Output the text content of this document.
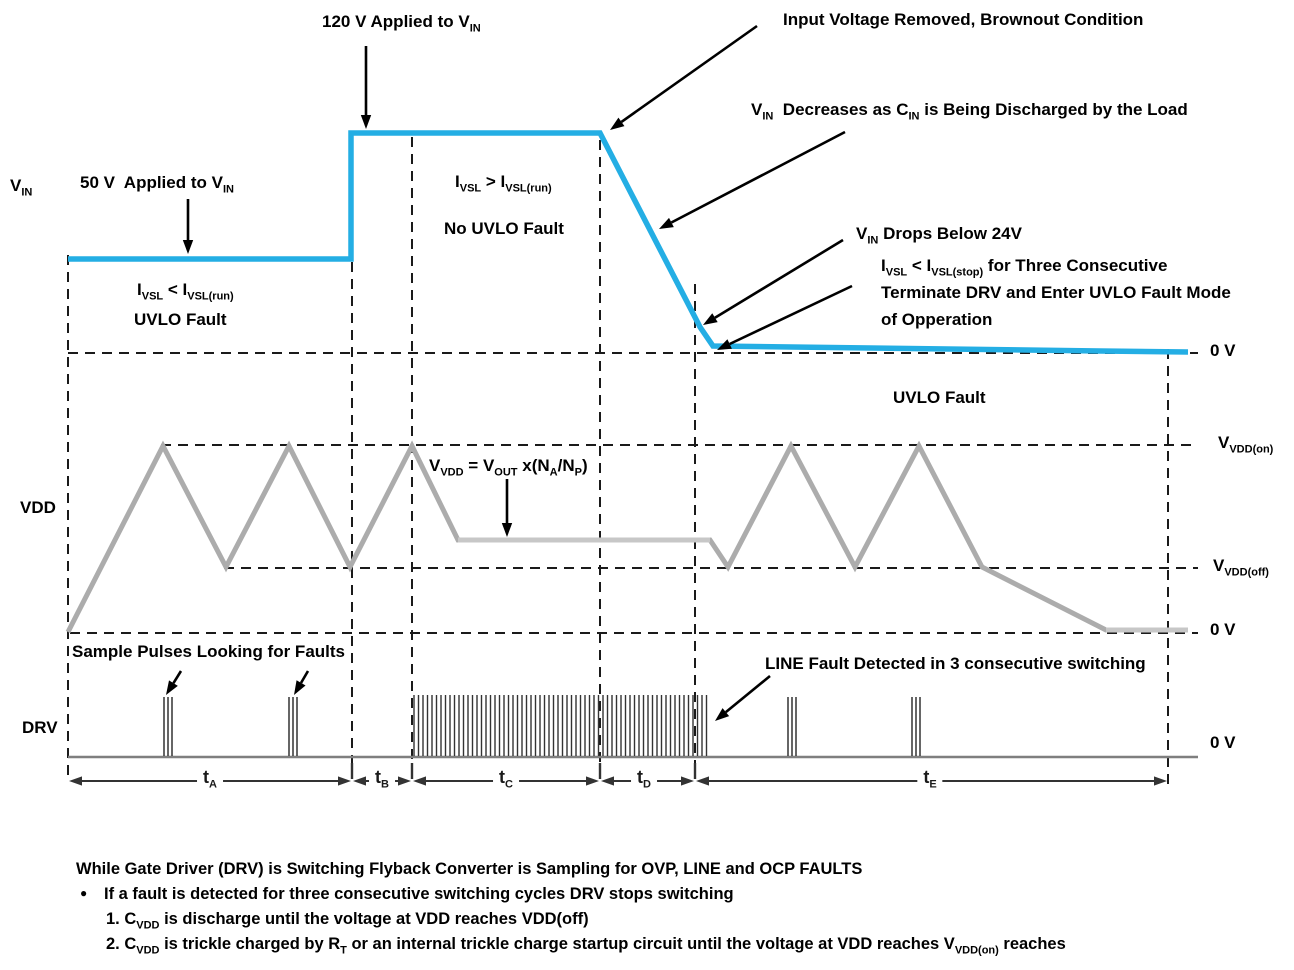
$V_{IN}$
VDD
DRV
50 V  Applied to $V_{IN}$
120 V Applied to $V_{IN}$	Input Voltage Removed, Brownout Condition
$V_{IN}$  Decreases as $C_{IN}$ is Being Discharged by the Load
$V_{IN}$ Drops Below 24V
$I_{VSL} < I_{VSL(stop)}$ for Three Consecutive
Terminate DRV and Enter UVLO Fault Mode
of Opperation
$I_{VSL} < I_{VSL(run)}$
UVLO Fault
$I_{VSL} > I_{VSL(run)}$
No UVLO Fault
UVLO Fault
$V_{VDD} = V_{OUT}$ $x(N_A/N_P)$
Sample Pulses Looking for Faults
LINE Fault Detected in 3 consecutive switching
0 V
$V_{VDD(on)}$
$V_{VDD(off)}$
0 V
0 V
$t_A$	$t_B$	$t_C$	$t_D$	$t_E$
While Gate Driver (DRV) is Switching Flyback Converter is Sampling for OVP, LINE and OCP FAULTS
If a fault is detected for three consecutive switching cycles DRV stops switching
●
1. $C_{VDD}$ is discharge until the voltage at VDD reaches VDD(off)
2. $C_{VDD}$ is trickle charged by $R_T$ or an internal trickle charge startup circuit until the voltage at VDD reaches $V_{VDD(on)}$ reaches
